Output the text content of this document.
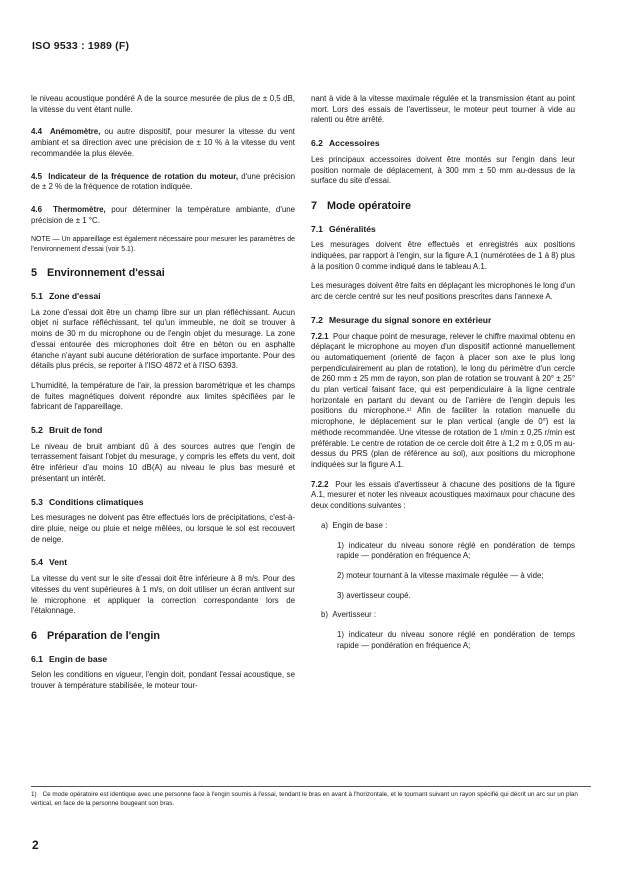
ISO 9533 : 1989 (F)

le niveau acoustique pondéré A de la source mesurée de plus de ± 0,5 dB, la vitesse du vent étant nulle.

4.4 Anémomètre, ou autre dispositif, pour mesurer la vitesse du vent ambiant et sa direction avec une précision de ± 10 % à la vitesse du vent recommandée la plus élevée.

4.5 Indicateur de la fréquence de rotation du moteur, d'une précision de ± 2 % de la fréquence de rotation indiquée.

4.6 Thermomètre, pour déterminer la température ambiante, d'une précision de ± 1 °C.

NOTE — Un appareillage est également nécessaire pour mesurer les paramètres de l'environnement d'essai (voir 5.1).

5 Environnement d'essai
5.1 Zone d'essai

La zone d'essai doit être un champ libre sur un plan réfléchissant. Aucun objet ni surface réfléchissant, tel qu'un immeuble, ne doit se trouver à moins de 30 m du microphone ou de l'engin objet du mesurage. La zone d'essai entourée des microphones doit être en béton ou en asphalte étanche n'ayant subi aucune détérioration de surface importante. Pour des détails plus précis, se reporter à l'ISO 4872 et à l'ISO 6393.

L'humidité, la température de l'air, la pression barométrique et les champs de fuites magnétiques doivent répondre aux limites spécifiées par le fabricant de l'appareillage.

5.2 Bruit de fond

Le niveau de bruit ambiant dû à des sources autres que l'engin de terrassement faisant l'objet du mesurage, y compris les effets du vent, doit être inférieur d'au moins 10 dB(A) au niveau le plus bas mesuré et présentant un intérêt.

5.3 Conditions climatiques

Les mesurages ne doivent pas être effectués lors de précipitations, c'est-à-dire pluie, neige ou pluie et neige mêlées, ou lorsque le sol est recouvert de neige.

5.4 Vent

La vitesse du vent sur le site d'essai doit être inférieure à 8 m/s. Pour des vitesses du vent supérieures à 1 m/s, on doit utiliser un écran antivent sur le microphone et appliquer la correction correspondante lors de l'étalonnage.

6 Préparation de l'engin
6.1 Engin de base

Selon les conditions en vigueur, l'engin doit, pondant l'essai acoustique, se trouver à température stabilisée, le moteur tour-

nant à vide à la vitesse maximale régulée et la transmission étant au point mort. Lors des essais de l'avertisseur, le moteur peut tourner à vide au ralenti ou être arrêté.

6.2 Accessoires

Les principaux accessoires doivent être montés sur l'engin dans leur position normale de déplacement, à 300 mm ± 50 mm au-dessus de la surface du site d'essai.

7 Mode opératoire
7.1 Généralités

Les mesurages doivent être effectués et enregistrés aux positions indiquées, par rapport à l'engin, sur la figure A.1 (numérotées de 1 à 8) plus à la position 0 comme indiqué dans le tableau A.1.

Les mesurages doivent être faits en déplaçant les microphones le long d'un arc de cercle centré sur les neuf positions prescrites dans l'annexe A.

7.2 Mesurage du signal sonore en extérieur

7.2.1 Pour chaque point de mesurage, relever le chiffre maximal obtenu en déplaçant le microphone au moyen d'un dispositif actionné manuellement ou automatiquement (orienté de façon à placer son axe le plus long perpendiculairement au plan de rotation), le long du périmètre d'un cercle de 260 mm ± 25 mm de rayon, son plan de rotation se trouvant à 20° ± 25° du plan vertical faisant face, qui est perpendiculaire à la ligne centrale horizontale en partant du devant ou de l'arrière de l'engin depuis les positions du microphone.¹⁾ Afin de faciliter la rotation manuelle du microphone, le déplacement sur le plan vertical (angle de 0°) est la méthode recommandée. Une vitesse de rotation de 1 r/min ± 0,25 r/min est préférable. Le centre de rotation de ce cercle doit être à 1,2 m ± 0,05 m au-dessus du PRS (plan de référence au sol), aux positions du microphone indiquées sur la figure A.1.

7.2.2 Pour les essais d'avertisseur à chacune des positions de la figure A.1, mesurer et noter les niveaux acoustiques maximaux pour chacune des deux conditions suivantes :

a) Engin de base :

1) indicateur du niveau sonore réglé en pondération de temps rapide — pondération en fréquence A;

2) moteur tournant à la vitesse maximale régulée — à vide;

3) avertisseur coupé.

b) Avertisseur :

1) indicateur du niveau sonore réglé en pondération de temps rapide — pondération en fréquence A;

1) Ce mode opératoire est identique avec une personne face à l'engin soumis à l'essai, tendant le bras en avant à l'horizontale, et le tournant suivant un rayon spécifié qui décrit un arc sur un plan vertical, en face de la personne bougeant son bras.
2
